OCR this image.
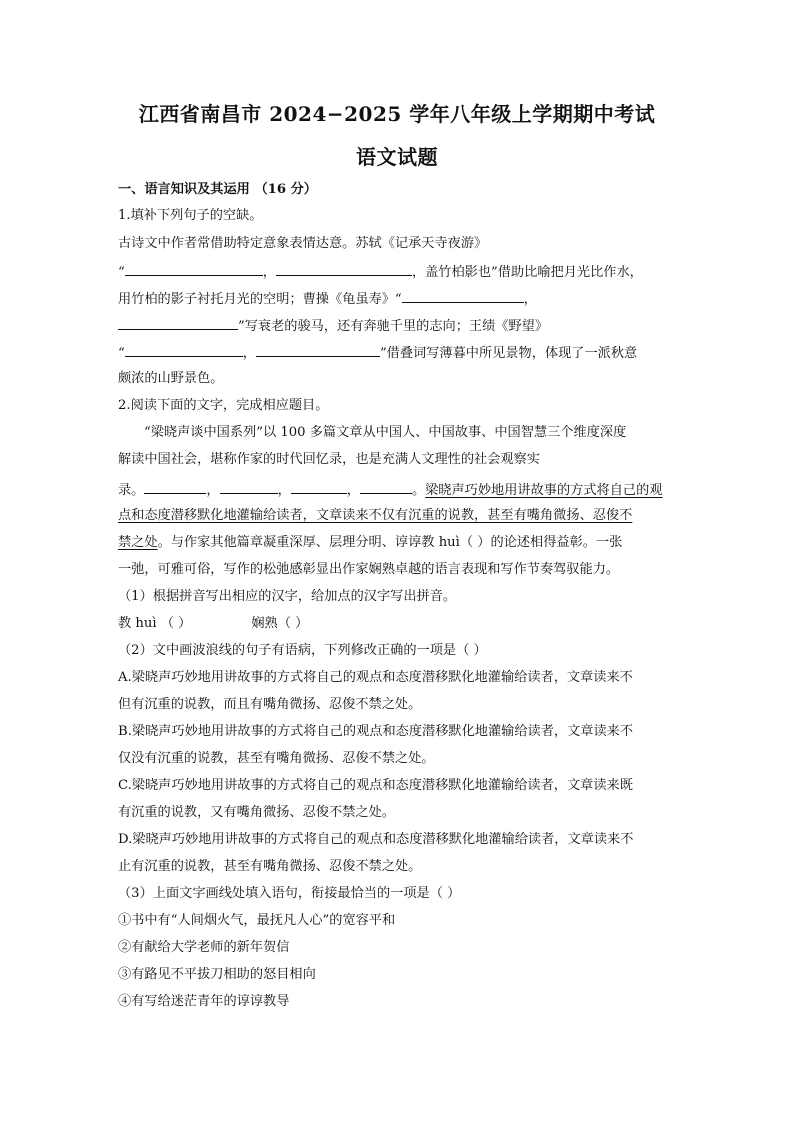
江西省南昌市 2024−2025 学年八年级上学期期中考试
语文试题
一、语言知识及其运用 （16 分）
1.填补下列句子的空缺。
古诗文中作者常借助特定意象表情达意。苏轼《记承天寺夜游》
“	，	，盖竹柏影也”借助比喻把月光比作水，
用竹柏的影子衬托月光的空明；曹操《龟虽寿》“	，
”写衰老的骏马，还有奔驰千里的志向；王绩《野望》
“	，	”借叠词写薄暮中所见景物，体现了一派秋意
颇浓的山野景色。
2.阅读下面的文字，完成相应题目。
“梁晓声谈中国系列”以 100 多篇文章从中国人、中国故事、中国智慧三个维度深度
解读中国社会，堪称作家的时代回忆录，也是充满人文理性的社会观察实
录。	，	，	，	。梁晓声巧妙地用讲故事的方式将自己的观
点和态度潜移默化地灌输给读者，文章读来不仅有沉重的说教，甚至有嘴角微扬、忍俊不
禁之处。与作家其他篇章凝重深厚、层理分明、谆谆教 huì（ ）的论述相得益彰。一张
一弛，可雅可俗，写作的松弛感彰显出作家娴熟卓越的语言表现和写作节奏驾驭能力。
（1）根据拼音写出相应的汉字，给加点的汉字写出拼音。
教 huì （ ）	娴熟（ ）
（2）文中画波浪线的句子有语病，下列修改正确的一项是（ ）
A.梁晓声巧妙地用讲故事的方式将自己的观点和态度潜移默化地灌输给读者，文章读来不
但有沉重的说教，而且有嘴角微扬、忍俊不禁之处。
B.梁晓声巧妙地用讲故事的方式将自己的观点和态度潜移默化地灌输给读者，文章读来不
仅没有沉重的说教，甚至有嘴角微扬、忍俊不禁之处。
C.梁晓声巧妙地用讲故事的方式将自己的观点和态度潜移默化地灌输给读者，文章读来既
有沉重的说教，又有嘴角微扬、忍俊不禁之处。
D.梁晓声巧妙地用讲故事的方式将自己的观点和态度潜移默化地灌输给读者，文章读来不
止有沉重的说教，甚至有嘴角微扬、忍俊不禁之处。
（3）上面文字画线处填入语句，衔接最恰当的一项是（ ）
①书中有“人间烟火气，最抚凡人心”的宽容平和
②有献给大学老师的新年贺信
③有路见不平拔刀相助的怒目相向
④有写给迷茫青年的谆谆教导
